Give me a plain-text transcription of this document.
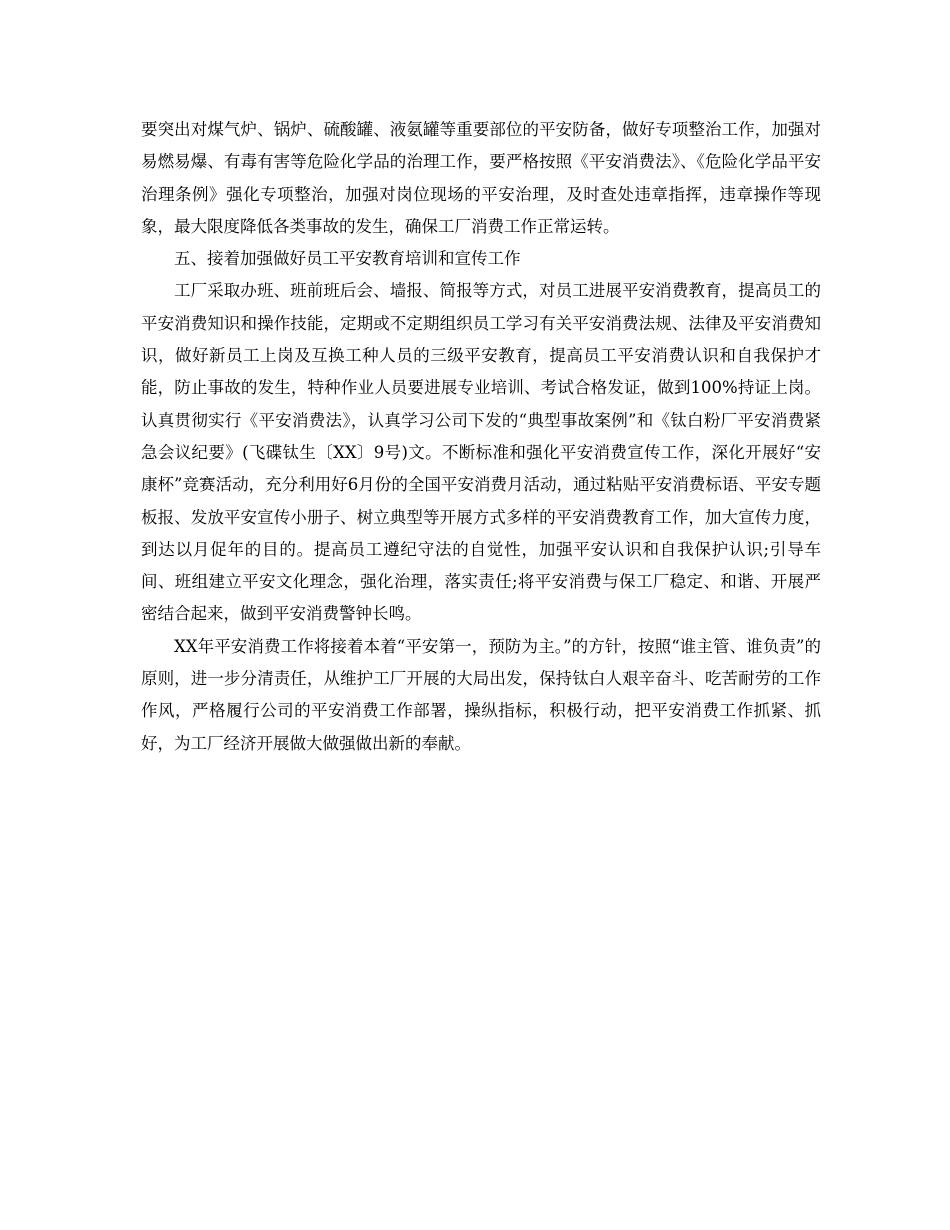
要突出对煤气炉、锅炉、硫酸罐、液氨罐等重要部位的平安防备，做好专项整治工作，加强对易燃易爆、有毒有害等危险化学品的治理工作，要严格按照《平安消费法》、《危险化学品平安治理条例》强化专项整治，加强对岗位现场的平安治理，及时查处违章指挥，违章操作等现象，最大限度降低各类事故的发生，确保工厂消费工作正常运转。

五、接着加强做好员工平安教育培训和宣传工作

工厂采取办班、班前班后会、墙报、简报等方式，对员工进展平安消费教育，提高员工的平安消费知识和操作技能，定期或不定期组织员工学习有关平安消费法规、法律及平安消费知识，做好新员工上岗及互换工种人员的三级平安教育，提高员工平安消费认识和自我保护才能，防止事故的发生，特种作业人员要进展专业培训、考试合格发证，做到100%持证上岗。认真贯彻实行《平安消费法》，认真学习公司下发的“典型事故案例”和《钛白粉厂平安消费紧急会议纪要》(飞碟钛生〔XX〕9号)文。不断标准和强化平安消费宣传工作，深化开展好“安康杯”竞赛活动，充分利用好6月份的全国平安消费月活动，通过粘贴平安消费标语、平安专题板报、发放平安宣传小册子、树立典型等开展方式多样的平安消费教育工作，加大宣传力度，到达以月促年的目的。提高员工遵纪守法的自觉性，加强平安认识和自我保护认识;引导车间、班组建立平安文化理念，强化治理，落实责任;将平安消费与保工厂稳定、和谐、开展严密结合起来，做到平安消费警钟长鸣。

XX年平安消费工作将接着本着“平安第一，预防为主。”的方针，按照“谁主管、谁负责”的原则，进一步分清责任，从维护工厂开展的大局出发，保持钛白人艰辛奋斗、吃苦耐劳的工作作风，严格履行公司的平安消费工作部署，操纵指标，积极行动，把平安消费工作抓紧、抓好，为工厂经济开展做大做强做出新的奉献。
